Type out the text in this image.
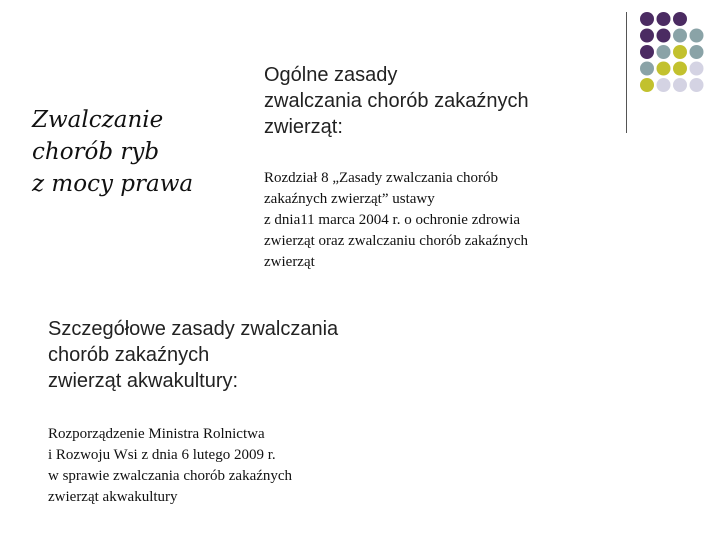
Zwalczanie
chorób ryb
z mocy prawa
Ogólne zasady
zwalczania chorób zakaźnych
zwierząt:
Rozdział 8 „Zasady zwalczania chorób
zakaźnych zwierząt” ustawy
z dnia11 marca 2004 r. o ochronie zdrowia
zwierząt oraz zwalczaniu chorób zakaźnych
zwierząt
Szczegółowe zasady zwalczania
chorób zakaźnych
zwierząt akwakultury:
Rozporządzenie Ministra Rolnictwa
i Rozwoju Wsi z dnia 6 lutego 2009 r.
w sprawie zwalczania chorób zakaźnych
zwierząt akwakultury
